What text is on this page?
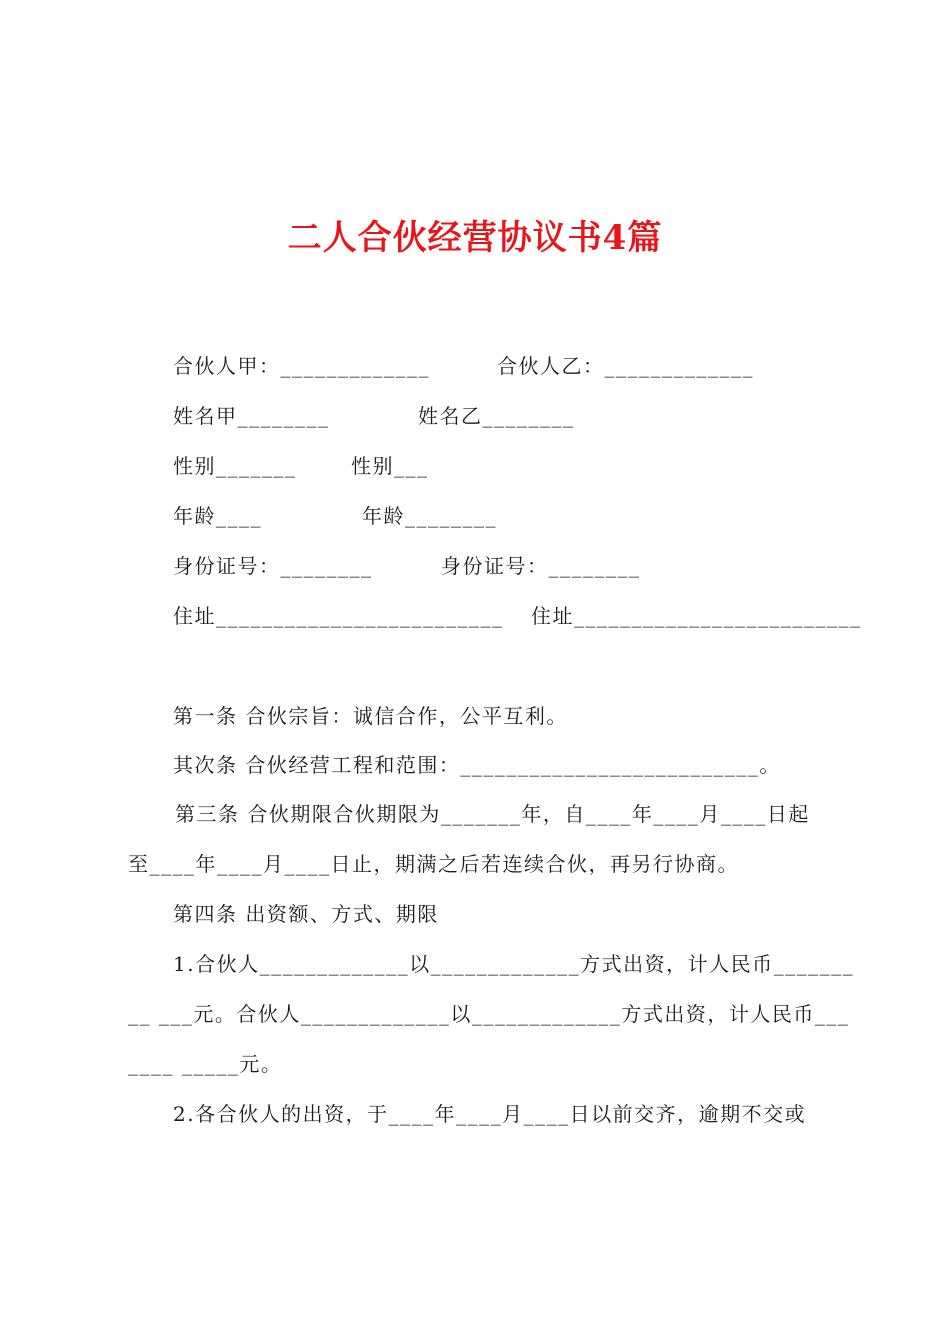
二人合伙经营协议书4篇
合伙人甲：_____________	合伙人乙：_____________
姓名甲________	姓名乙________
性别_______	性别___
年龄____	年龄________
身份证号：________	身份证号：________
住址_________________________ 住址_________________________
第一条 合伙宗旨：诚信合作，公平互利。
其次条 合伙经营工程和范围：__________________________。
第三条 合伙期限合伙期限为_______年，自____年____月____日起
至____年____月____日止，期满之后若连续合伙，再另行协商。
第四条 出资额、方式、期限
1.合伙人_____________以_____________方式出资，计人民币_______
__ ___元。合伙人_____________以_____________方式出资，计人民币___
____ _____元。
2.各合伙人的出资，于____年____月____日以前交齐，逾期不交或
